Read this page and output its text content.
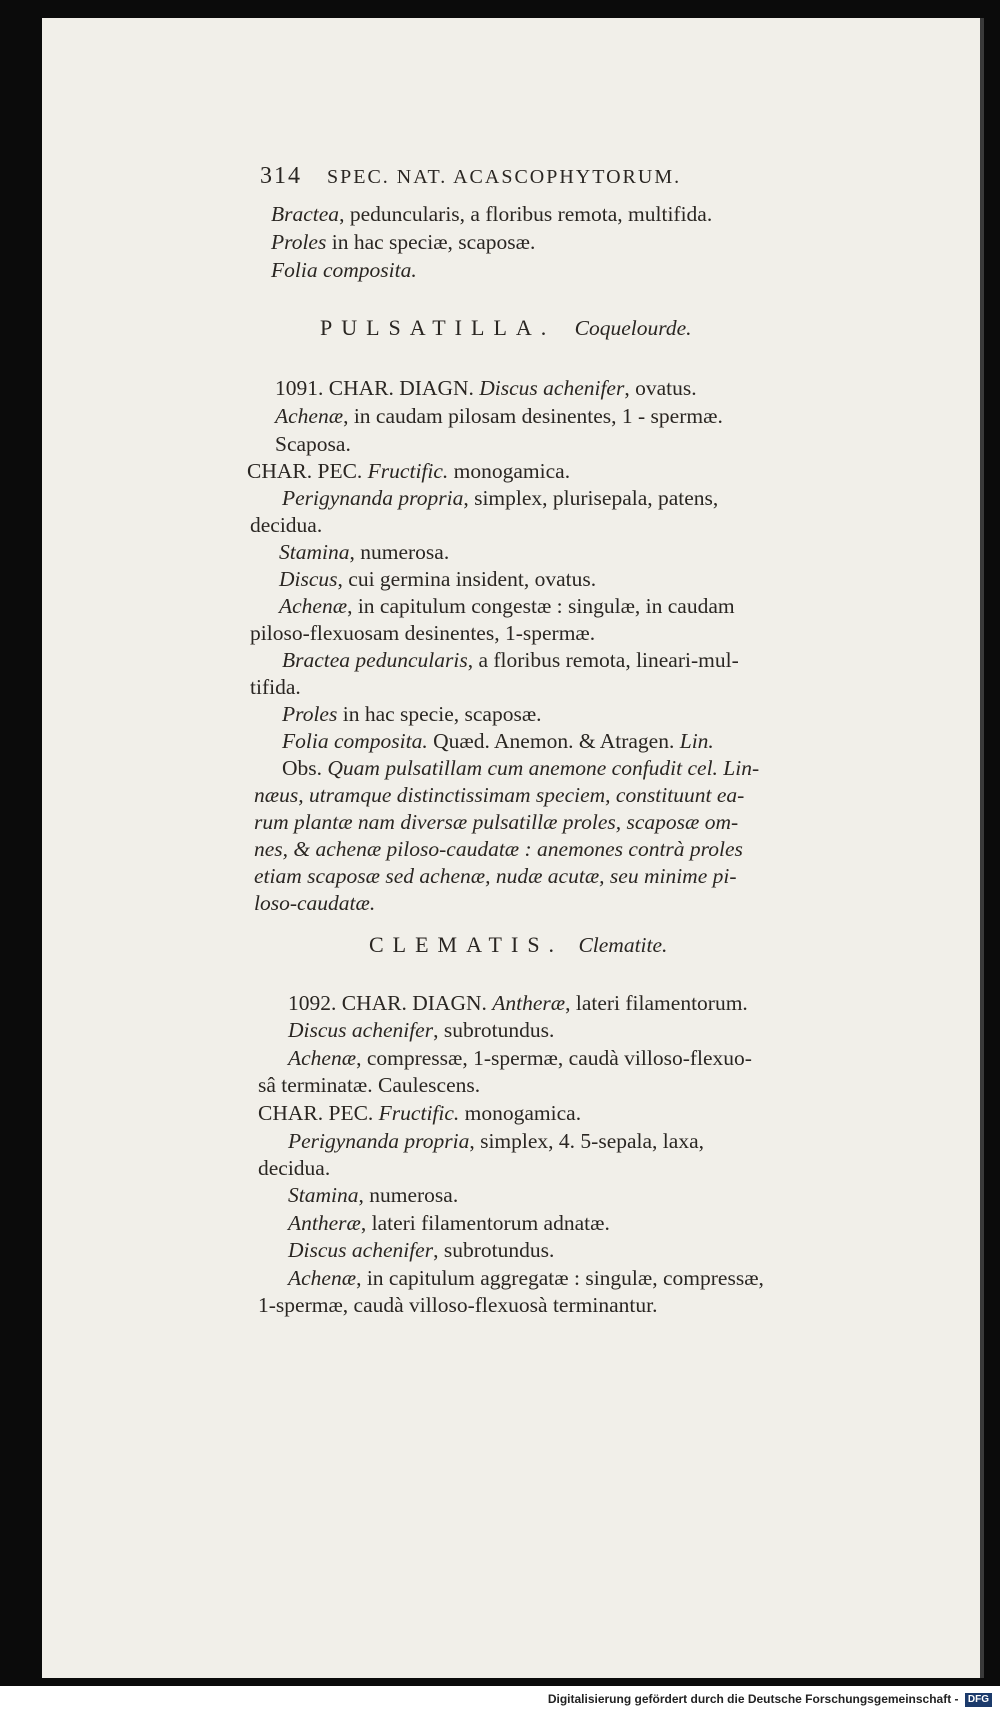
314 SPEC. NAT. ACASCOPHYTORUM.
Bractea, peduncularis, a floribus remota, multifida.
Proles in hac speciæ, scaposæ.
Folia composita.
PULSATILLA. Coquelourde.
1091. CHAR. DIAGN. Discus achenifer, ovatus.
Achenæ, in caudam pilosam desinentes, 1 - spermæ.
Scaposa.
CHAR. PEC. Fructific. monogamica.
Perigynanda propria, simplex, plurisepala, patens,
decidua.
Stamina, numerosa.
Discus, cui germina insident, ovatus.
Achenæ, in capitulum congestæ : singulæ, in caudam
piloso-flexuosam desinentes, 1-spermæ.
Bractea peduncularis, a floribus remota, lineari-mul-
tifida.
Proles in hac specie, scaposæ.
Folia composita. Quæd. Anemon. & Atragen. Lin.
Obs. Quam pulsatillam cum anemone confudit cel. Lin-
næus, utramque distinctissimam speciem, constituunt ea-
rum plantæ nam diversæ pulsatillæ proles, scaposæ om-
nes, & achenæ piloso-caudatæ : anemones contrà proles
etiam scaposæ sed achenæ, nudæ acutæ, seu minime pi-
loso-caudatæ.
CLEMATIS. Clematite.
1092. CHAR. DIAGN. Antheræ, lateri filamentorum.
Discus achenifer, subrotundus.
Achenæ, compressæ, 1-spermæ, caudà villoso-flexuo-
sâ terminatæ. Caulescens.
CHAR. PEC. Fructific. monogamica.
Perigynanda propria, simplex, 4. 5-sepala, laxa,
decidua.
Stamina, numerosa.
Antheræ, lateri filamentorum adnatæ.
Discus achenifer, subrotundus.
Achenæ, in capitulum aggregatæ : singulæ, compressæ,
1-spermæ, caudà villoso-flexuosà terminantur.
Digitalisierung gefördert durch die Deutsche Forschungsgemeinschaft - DFG
